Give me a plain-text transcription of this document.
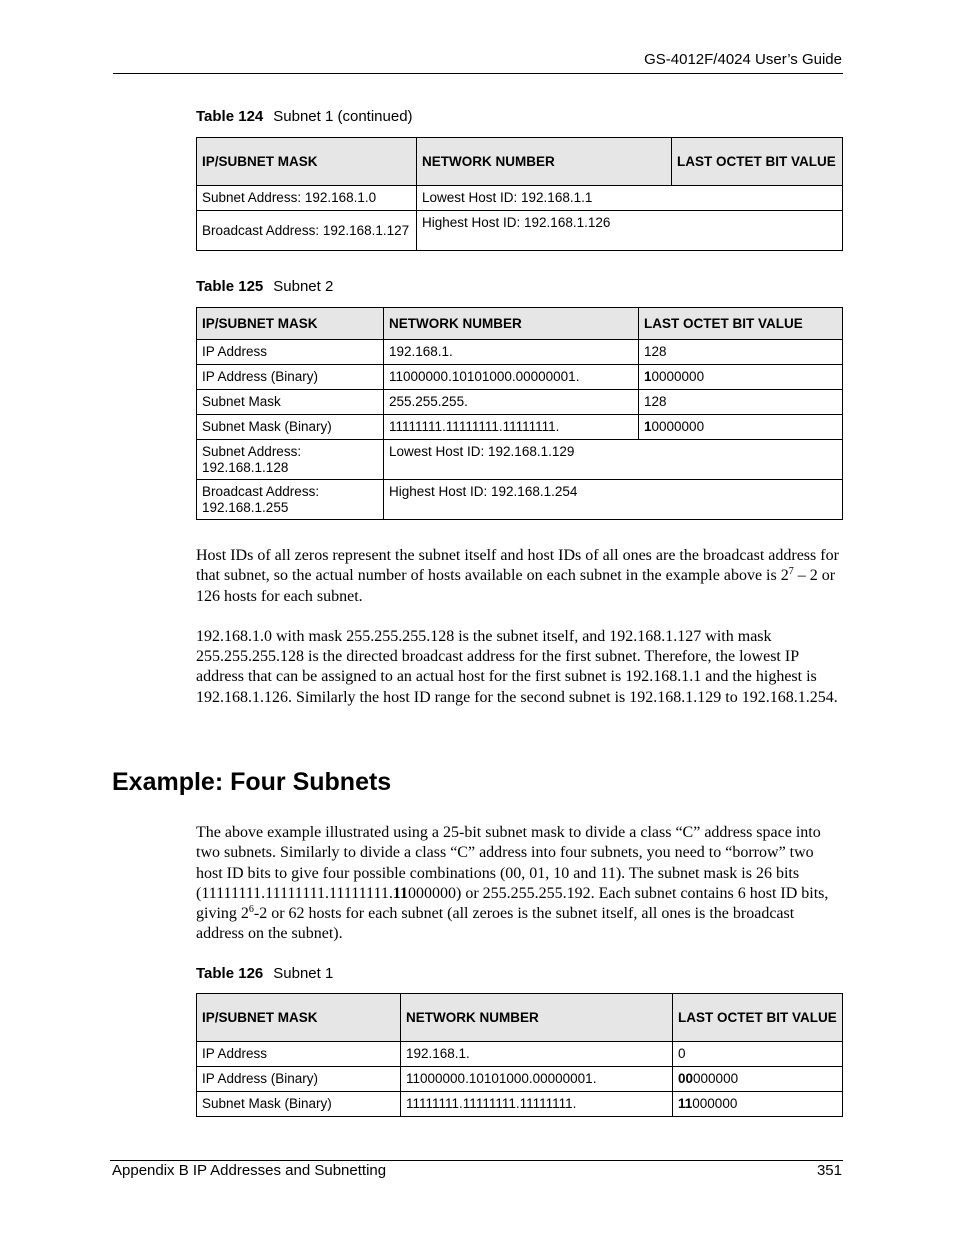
GS-4012F/4024 User’s Guide
Table 124 Subnet 1 (continued)
IP/SUBNET MASK	NETWORK NUMBER	LAST OCTET BIT VALUE
Subnet Address: 192.168.1.0	Lowest Host ID: 192.168.1.1	
Broadcast Address: 192.168.1.127	Highest Host ID: 192.168.1.126	
Table 125 Subnet 2
IP/SUBNET MASK	NETWORK NUMBER	LAST OCTET BIT VALUE
IP Address	192.168.1.	128
IP Address (Binary)	11000000.10101000.00000001.	10000000
Subnet Mask	255.255.255.	128
Subnet Mask (Binary)	11111111.11111111.11111111.	10000000
Subnet Address: 192.168.1.128	Lowest Host ID: 192.168.1.129	
Broadcast Address: 192.168.1.255	Highest Host ID: 192.168.1.254	

Host IDs of all zeros represent the subnet itself and host IDs of all ones are the broadcast address for that subnet, so the actual number of hosts available on each subnet in the example above is $2^7 - 2$ or 126 hosts for each subnet.

192.168.1.0 with mask 255.255.255.128 is the subnet itself, and 192.168.1.127 with mask 255.255.255.128 is the directed broadcast address for the first subnet. Therefore, the lowest IP address that can be assigned to an actual host for the first subnet is 192.168.1.1 and the highest is 192.168.1.126. Similarly the host ID range for the second subnet is 192.168.1.129 to 192.168.1.254.

Example: Four Subnets

The above example illustrated using a 25-bit subnet mask to divide a class “C” address space into two subnets. Similarly to divide a class “C” address into four subnets, you need to “borrow” two host ID bits to give four possible combinations (00, 01, 10 and 11). The subnet mask is 26 bits (11111111.11111111.11111111.11000000) or 255.255.255.192. Each subnet contains 6 host ID bits, giving $2^6-2$ or 62 hosts for each subnet (all zeroes is the subnet itself, all ones is the broadcast address on the subnet).

Table 126 Subnet 1
IP/SUBNET MASK	NETWORK NUMBER	LAST OCTET BIT VALUE
IP Address	192.168.1.	0
IP Address (Binary)	11000000.10101000.00000001.	00000000
Subnet Mask (Binary)	11111111.11111111.11111111.	11000000
Appendix B IP Addresses and Subnetting	351
